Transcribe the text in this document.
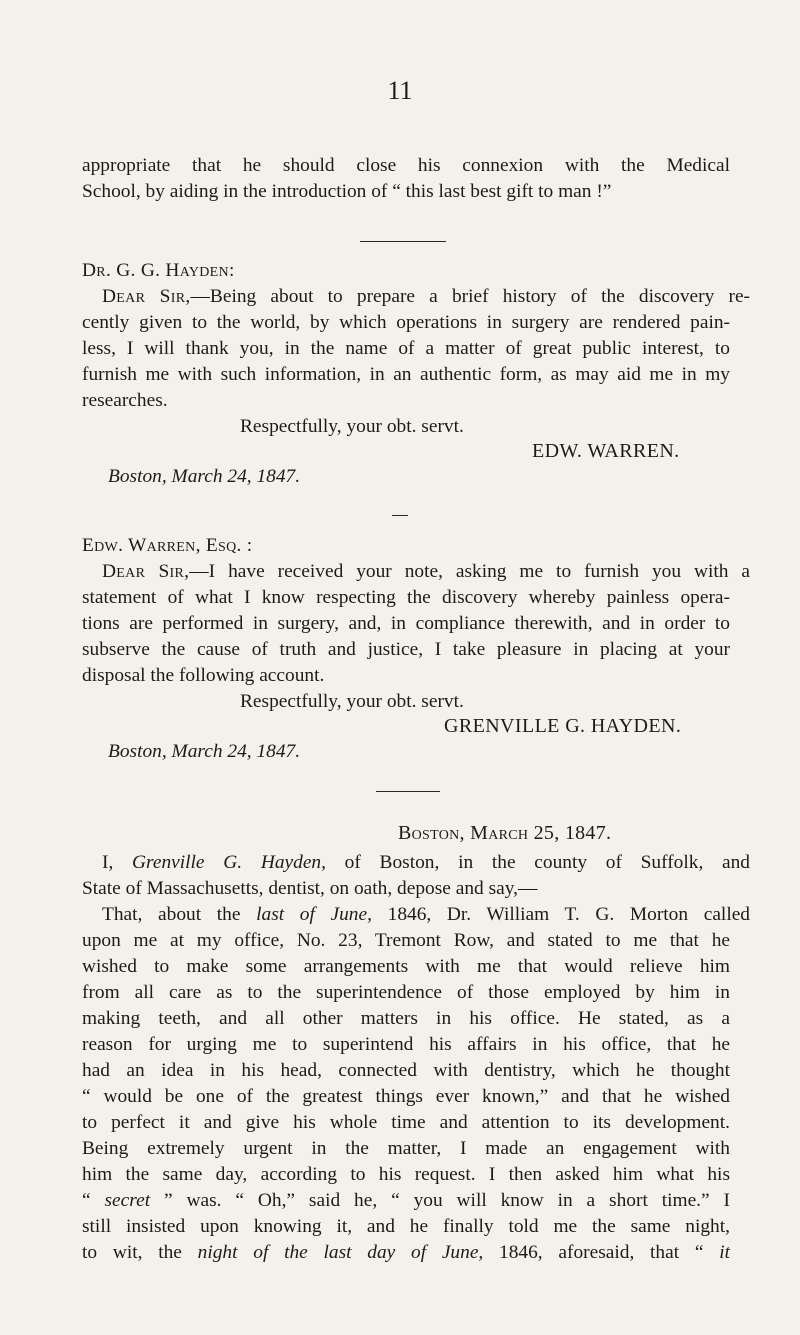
11

appropriate that he should close his connexion with the Medical

School, by aiding in the introduction of “ this last best gift to man !”

Dr. G. G. Hayden:

Dear Sir,—Being about to prepare a brief history of the discovery re-

cently given to the world, by which operations in surgery are rendered pain-

less, I will thank you, in the name of a matter of great public interest, to

furnish me with such information, in an authentic form, as may aid me in my

researches.

Respectfully, your obt. servt.
EDW. WARREN.
Boston, March 24, 1847.

Edw. Warren, Esq. :

Dear Sir,—I have received your note, asking me to furnish you with a

statement of what I know respecting the discovery whereby painless opera-

tions are performed in surgery, and, in compliance therewith, and in order to

subserve the cause of truth and justice, I take pleasure in placing at your

disposal the following account.

Respectfully, your obt. servt.
GRENVILLE G. HAYDEN.
Boston, March 24, 1847.
Boston, March 25, 1847.

I, Grenville G. Hayden, of Boston, in the county of Suffolk, and

State of Massachusetts, dentist, on oath, depose and say,—

That, about the last of June, 1846, Dr. William T. G. Morton called

upon me at my office, No. 23, Tremont Row, and stated to me that he

wished to make some arrangements with me that would relieve him

from all care as to the superintendence of those employed by him in

making teeth, and all other matters in his office. He stated, as a

reason for urging me to superintend his affairs in his office, that he

had an idea in his head, connected with dentistry, which he thought

“ would be one of the greatest things ever known,” and that he wished

to perfect it and give his whole time and attention to its development.

Being extremely urgent in the matter, I made an engagement with

him the same day, according to his request. I then asked him what his

“ secret ” was. “ Oh,” said he, “ you will know in a short time.” I

still insisted upon knowing it, and he finally told me the same night,

to wit, the night of the last day of June, 1846, aforesaid, that “ it
